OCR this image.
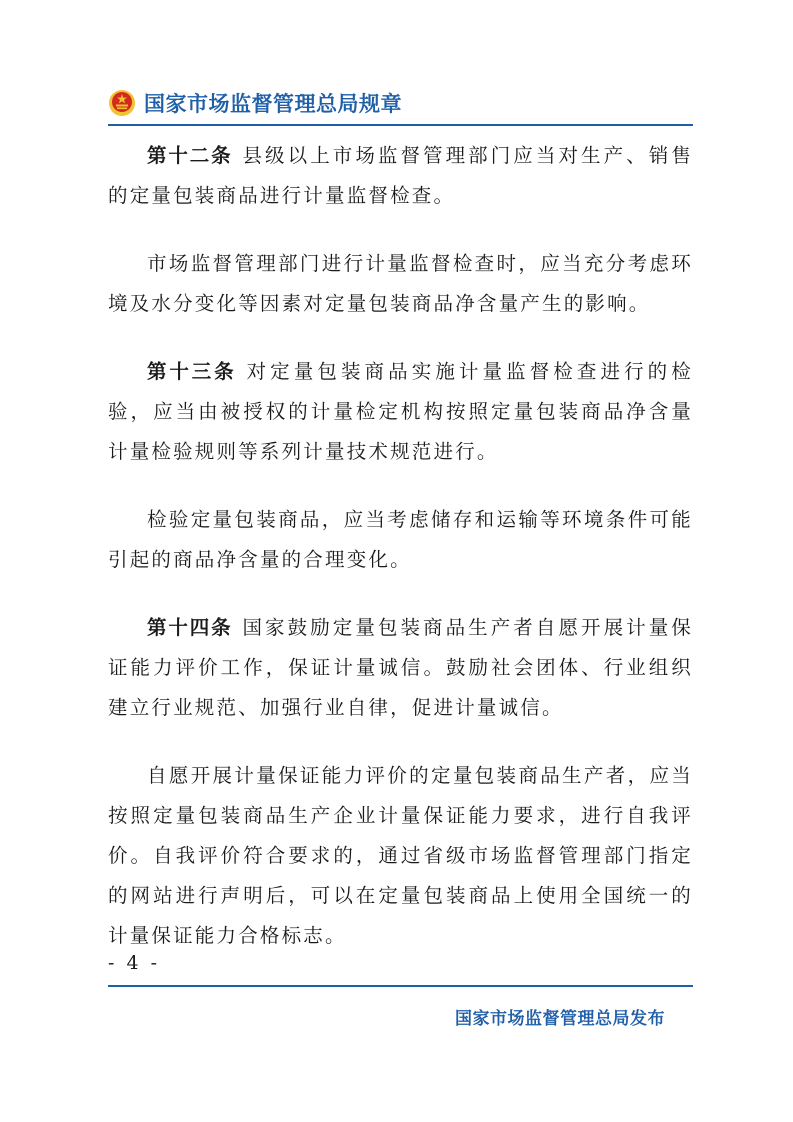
国家市场监督管理总局规章

第十二条 县级以上市场监督管理部门应当对生产、销售的定量包装商品进行计量监督检查。

市场监督管理部门进行计量监督检查时，应当充分考虑环境及水分变化等因素对定量包装商品净含量产生的影响。

第十三条 对定量包装商品实施计量监督检查进行的检验，应当由被授权的计量检定机构按照定量包装商品净含量计量检验规则等系列计量技术规范进行。

检验定量包装商品，应当考虑储存和运输等环境条件可能引起的商品净含量的合理变化。

第十四条 国家鼓励定量包装商品生产者自愿开展计量保证能力评价工作，保证计量诚信。鼓励社会团体、行业组织建立行业规范、加强行业自律，促进计量诚信。

自愿开展计量保证能力评价的定量包装商品生产者，应当按照定量包装商品生产企业计量保证能力要求，进行自我评价。自我评价符合要求的，通过省级市场监督管理部门指定的网站进行声明后，可以在定量包装商品上使用全国统一的计量保证能力合格标志。

- 4 -
国家市场监督管理总局发布
